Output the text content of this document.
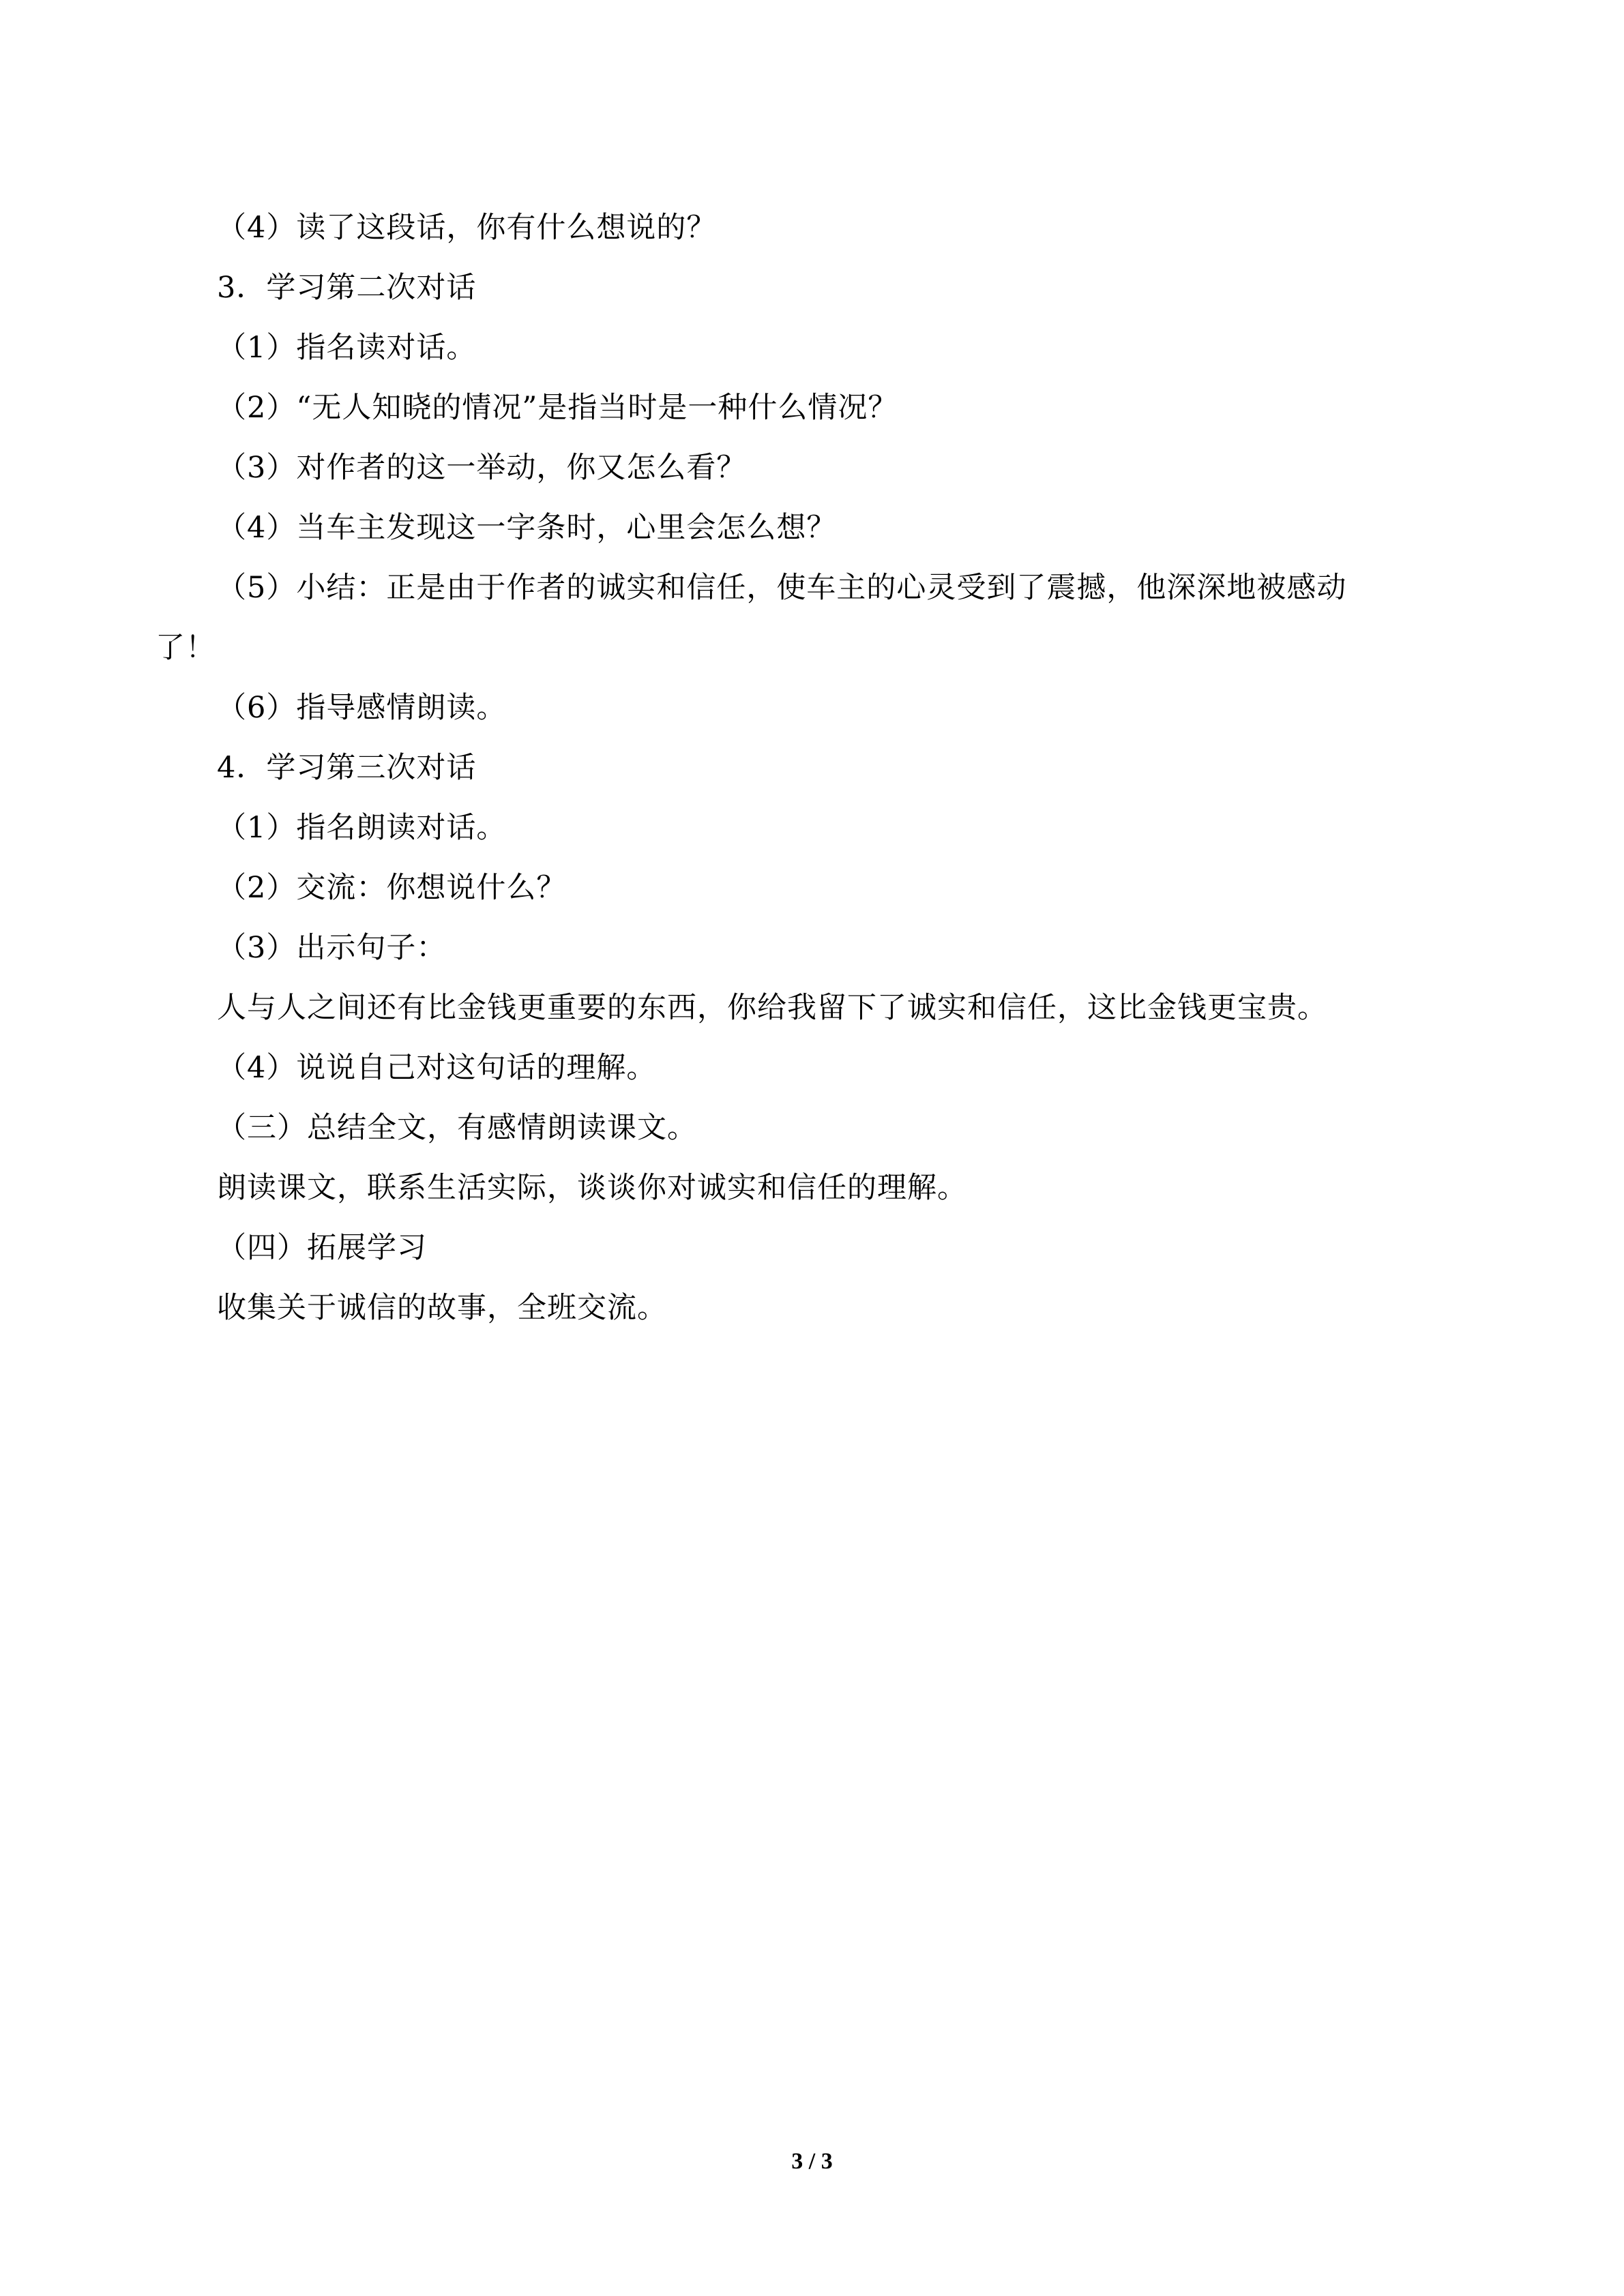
（4）读了这段话，你有什么想说的？
3．学习第二次对话
（1）指名读对话。
（2）“无人知晓的情况”是指当时是一种什么情况？
（3）对作者的这一举动，你又怎么看？
（4）当车主发现这一字条时，心里会怎么想？
（5）小结：正是由于作者的诚实和信任，使车主的心灵受到了震撼，他深深地被感动
了！
（6）指导感情朗读。
4．学习第三次对话
（1）指名朗读对话。
（2）交流：你想说什么？
（3）出示句子：
人与人之间还有比金钱更重要的东西，你给我留下了诚实和信任，这比金钱更宝贵。
（4）说说自己对这句话的理解。
（三）总结全文，有感情朗读课文。
朗读课文，联系生活实际，谈谈你对诚实和信任的理解。
（四）拓展学习
收集关于诚信的故事，全班交流。
3 / 3
